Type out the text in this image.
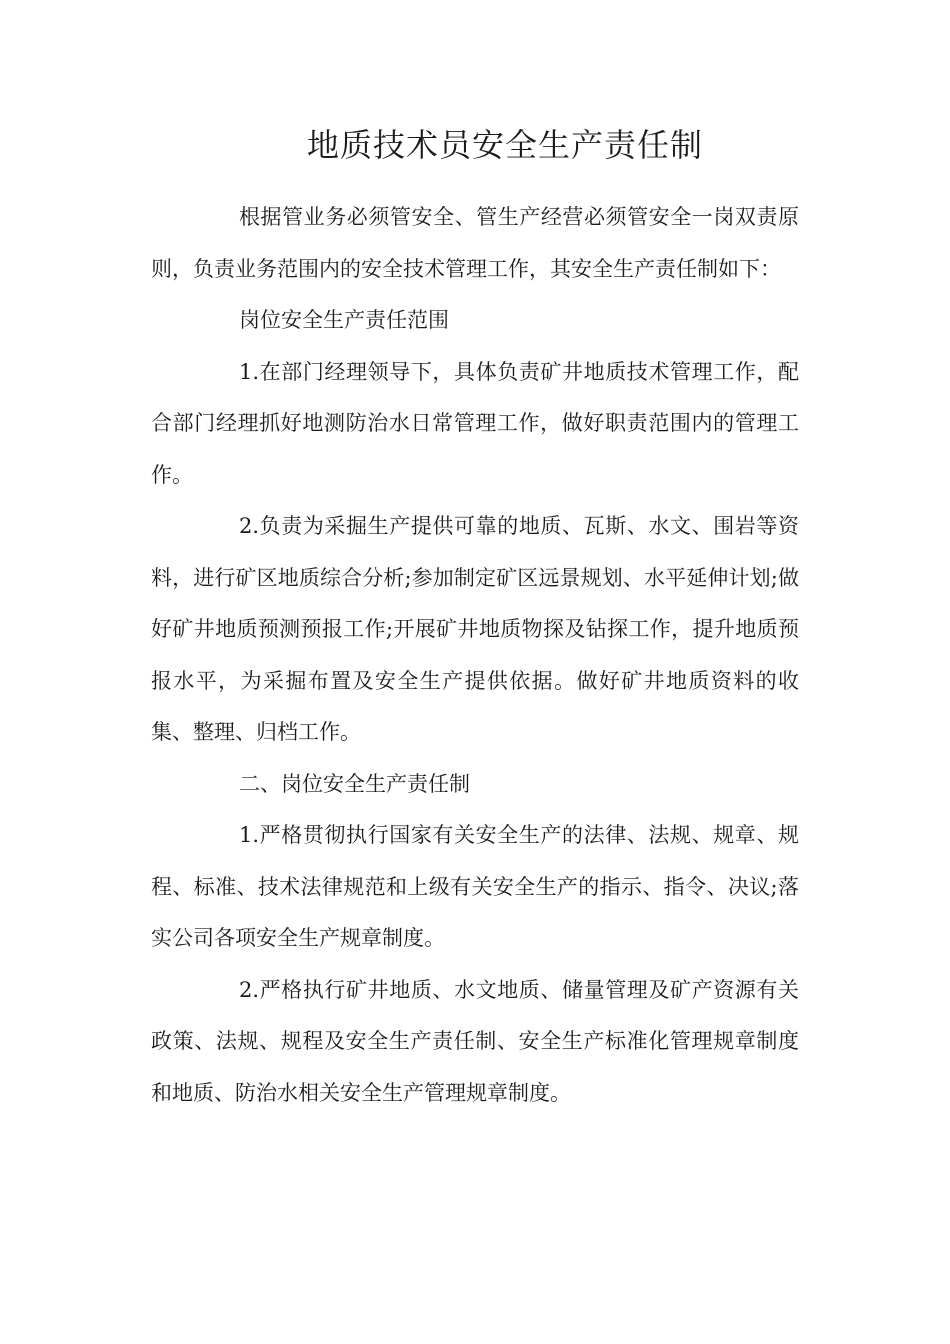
地质技术员安全生产责任制

根据管业务必须管安全、管生产经营必须管安全一岗双责原则，负责业务范围内的安全技术管理工作，其安全生产责任制如下：

岗位安全生产责任范围

1.在部门经理领导下，具体负责矿井地质技术管理工作，配合部门经理抓好地测防治水日常管理工作，做好职责范围内的管理工作。

2.负责为采掘生产提供可靠的地质、瓦斯、水文、围岩等资料，进行矿区地质综合分析;参加制定矿区远景规划、水平延伸计划;做好矿井地质预测预报工作;开展矿井地质物探及钻探工作，提升地质预报水平，为采掘布置及安全生产提供依据。做好矿井地质资料的收集、整理、归档工作。

二、岗位安全生产责任制

1.严格贯彻执行国家有关安全生产的法律、法规、规章、规程、标准、技术法律规范和上级有关安全生产的指示、指令、决议;落实公司各项安全生产规章制度。

2.严格执行矿井地质、水文地质、储量管理及矿产资源有关政策、法规、规程及安全生产责任制、安全生产标准化管理规章制度和地质、防治水相关安全生产管理规章制度。
